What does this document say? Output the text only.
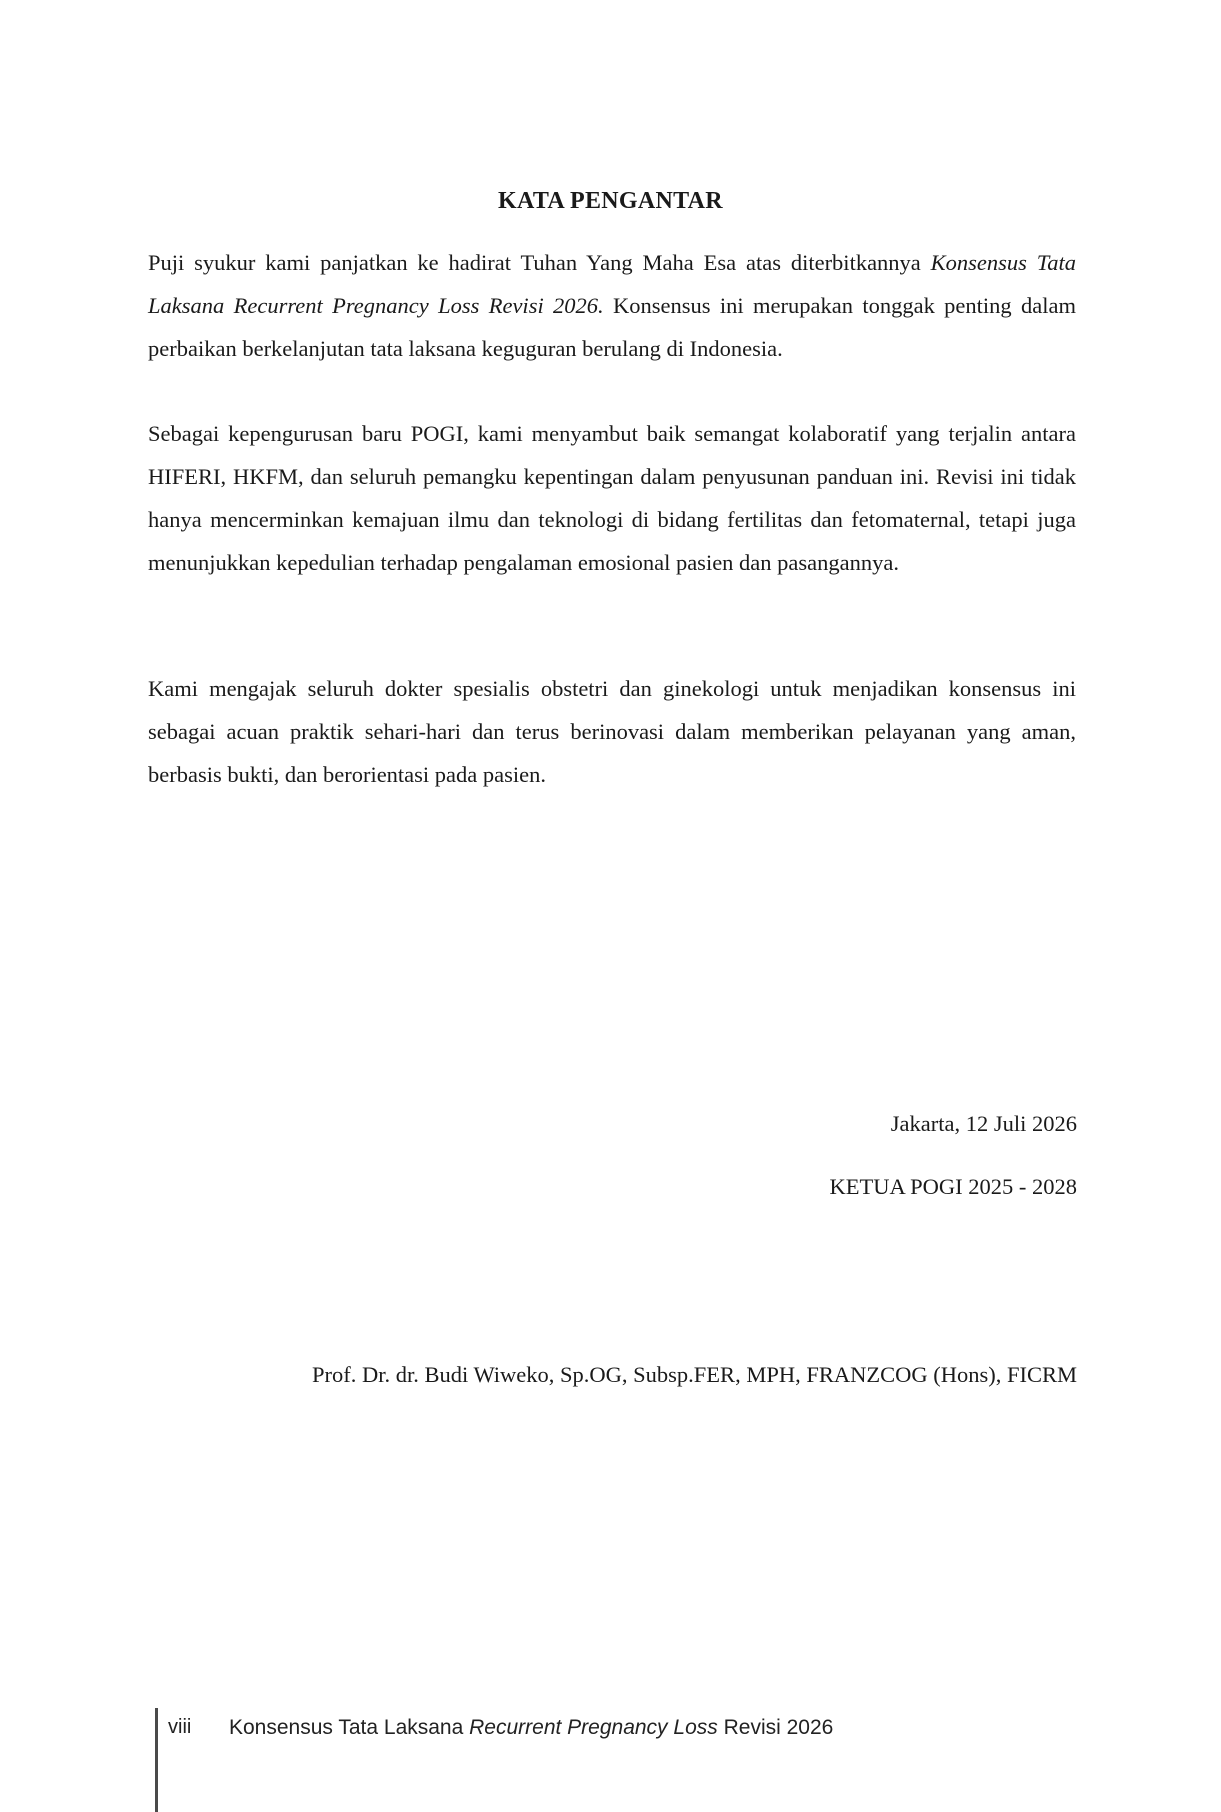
KATA PENGANTAR

Puji syukur kami panjatkan ke hadirat Tuhan Yang Maha Esa atas diterbitkannya Konsensus Tata Laksana Recurrent Pregnancy Loss Revisi 2026. Konsensus ini merupakan tonggak penting dalam perbaikan berkelanjutan tata laksana keguguran berulang di Indonesia.

Sebagai kepengurusan baru POGI, kami menyambut baik semangat kolaboratif yang terjalin antara HIFERI, HKFM, dan seluruh pemangku kepentingan dalam penyusunan panduan ini. Revisi ini tidak hanya mencerminkan kemajuan ilmu dan teknologi di bidang fertilitas dan fetomaternal, tetapi juga menunjukkan kepedulian terhadap pengalaman emosional pasien dan pasangannya.

Kami mengajak seluruh dokter spesialis obstetri dan ginekologi untuk menjadikan konsensus ini sebagai acuan praktik sehari-hari dan terus berinovasi dalam memberikan pelayanan yang aman, berbasis bukti, dan berorientasi pada pasien.

Jakarta, 12 Juli 2026
KETUA POGI 2025 - 2028
Prof. Dr. dr. Budi Wiweko, Sp.OG, Subsp.FER, MPH, FRANZCOG (Hons), FICRM
viii Konsensus Tata Laksana Recurrent Pregnancy Loss Revisi 2026
